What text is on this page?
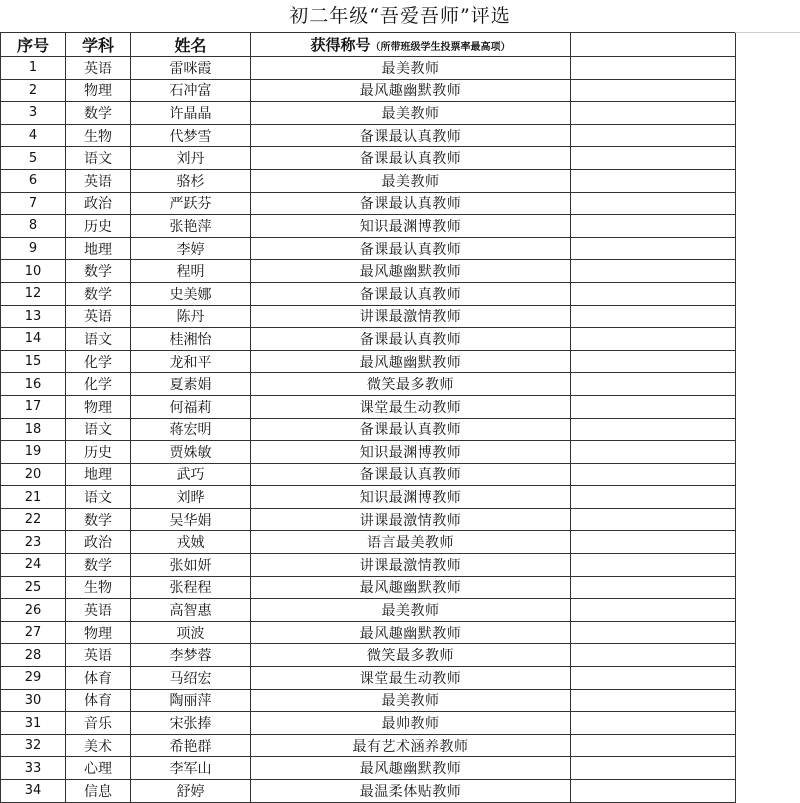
初二年级“吾爱吾师”评选
序号	学科	姓名	获得称号（所带班级学生投票率最高项）	
1	英语	雷咪霞	最美教师	
2	物理	石冲富	最风趣幽默教师	
3	数学	许晶晶	最美教师	
4	生物	代梦雪	备课最认真教师	
5	语文	刘丹	备课最认真教师	
6	英语	骆杉	最美教师	
7	政治	严跃芬	备课最认真教师	
8	历史	张艳萍	知识最渊博教师	
9	地理	李婷	备课最认真教师	
10	数学	程明	最风趣幽默教师	
12	数学	史美娜	备课最认真教师	
13	英语	陈丹	讲课最激情教师	
14	语文	桂湘怡	备课最认真教师	
15	化学	龙和平	最风趣幽默教师	
16	化学	夏素娟	微笑最多教师	
17	物理	何福莉	课堂最生动教师	
18	语文	蒋宏明	备课最认真教师	
19	历史	贾姝敏	知识最渊博教师	
20	地理	武巧	备课最认真教师	
21	语文	刘晔	知识最渊博教师	
22	数学	吴华娟	讲课最激情教师	
23	政治	戎娀	语言最美教师	
24	数学	张如妍	讲课最激情教师	
25	生物	张程程	最风趣幽默教师	
26	英语	高智惠	最美教师	
27	物理	项波	最风趣幽默教师	
28	英语	李梦蓉	微笑最多教师	
29	体育	马绍宏	课堂最生动教师	
30	体育	陶丽萍	最美教师	
31	音乐	宋张捧	最帅教师	
32	美术	希艳群	最有艺术涵养教师	
33	心理	李军山	最风趣幽默教师	
34	信息	舒婷	最温柔体贴教师	
